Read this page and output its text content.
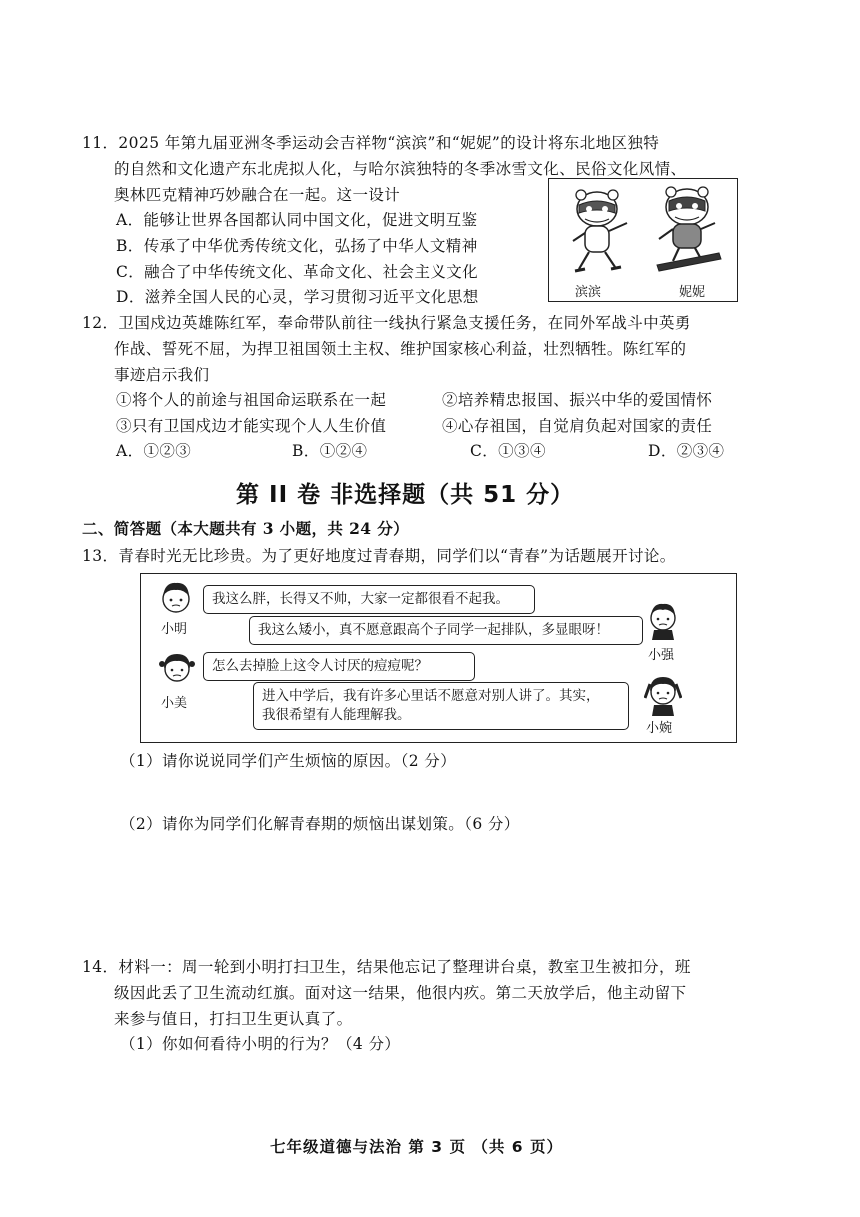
11．2025 年第九届亚洲冬季运动会吉祥物“滨滨”和“妮妮”的设计将东北地区独特
的自然和文化遗产东北虎拟人化，与哈尔滨独特的冬季冰雪文化、民俗文化风情、
奥林匹克精神巧妙融合在一起。这一设计
A．能够让世界各国都认同中国文化，促进文明互鉴
B．传承了中华优秀传统文化，弘扬了中华人文精神
C．融合了中华传统文化、革命文化、社会主义文化
D．滋养全国人民的心灵，学习贯彻习近平文化思想	滨滨	妮妮
12．卫国戍边英雄陈红军，奉命带队前往一线执行紧急支援任务，在同外军战斗中英勇
作战、誓死不屈，为捍卫祖国领土主权、维护国家核心利益，壮烈牺牲。陈红军的
事迹启示我们
①将个人的前途与祖国命运联系在一起	②培养精忠报国、振兴中华的爱国情怀
③只有卫国戍边才能实现个人人生价值	④心存祖国，自觉肩负起对国家的责任
A．①②③	B．①②④	C．①③④	D．②③④
第 II 卷 非选择题（共 51 分）
二、简答题（本大题共有 3 小题，共 24 分）
13．青春时光无比珍贵。为了更好地度过青春期，同学们以“青春”为话题展开讨论。
小明
我这么胖，长得又不帅，大家一定都很看不起我。
我这么矮小，真不愿意跟高个子同学一起排队，多显眼呀！
小强
小美
怎么去掉脸上这令人讨厌的痘痘呢？
进入中学后，我有许多心里话不愿意对别人讲了。其实，
我很希望有人能理解我。
小婉
（1）请你说说同学们产生烦恼的原因。（2 分）
（2）请你为同学们化解青春期的烦恼出谋划策。（6 分）
14．材料一：周一轮到小明打扫卫生，结果他忘记了整理讲台桌，教室卫生被扣分，班
级因此丢了卫生流动红旗。面对这一结果，他很内疚。第二天放学后，他主动留下
来参与值日，打扫卫生更认真了。
（1）你如何看待小明的行为？（4 分）
七年级道德与法治 第 3 页 （共 6 页）
